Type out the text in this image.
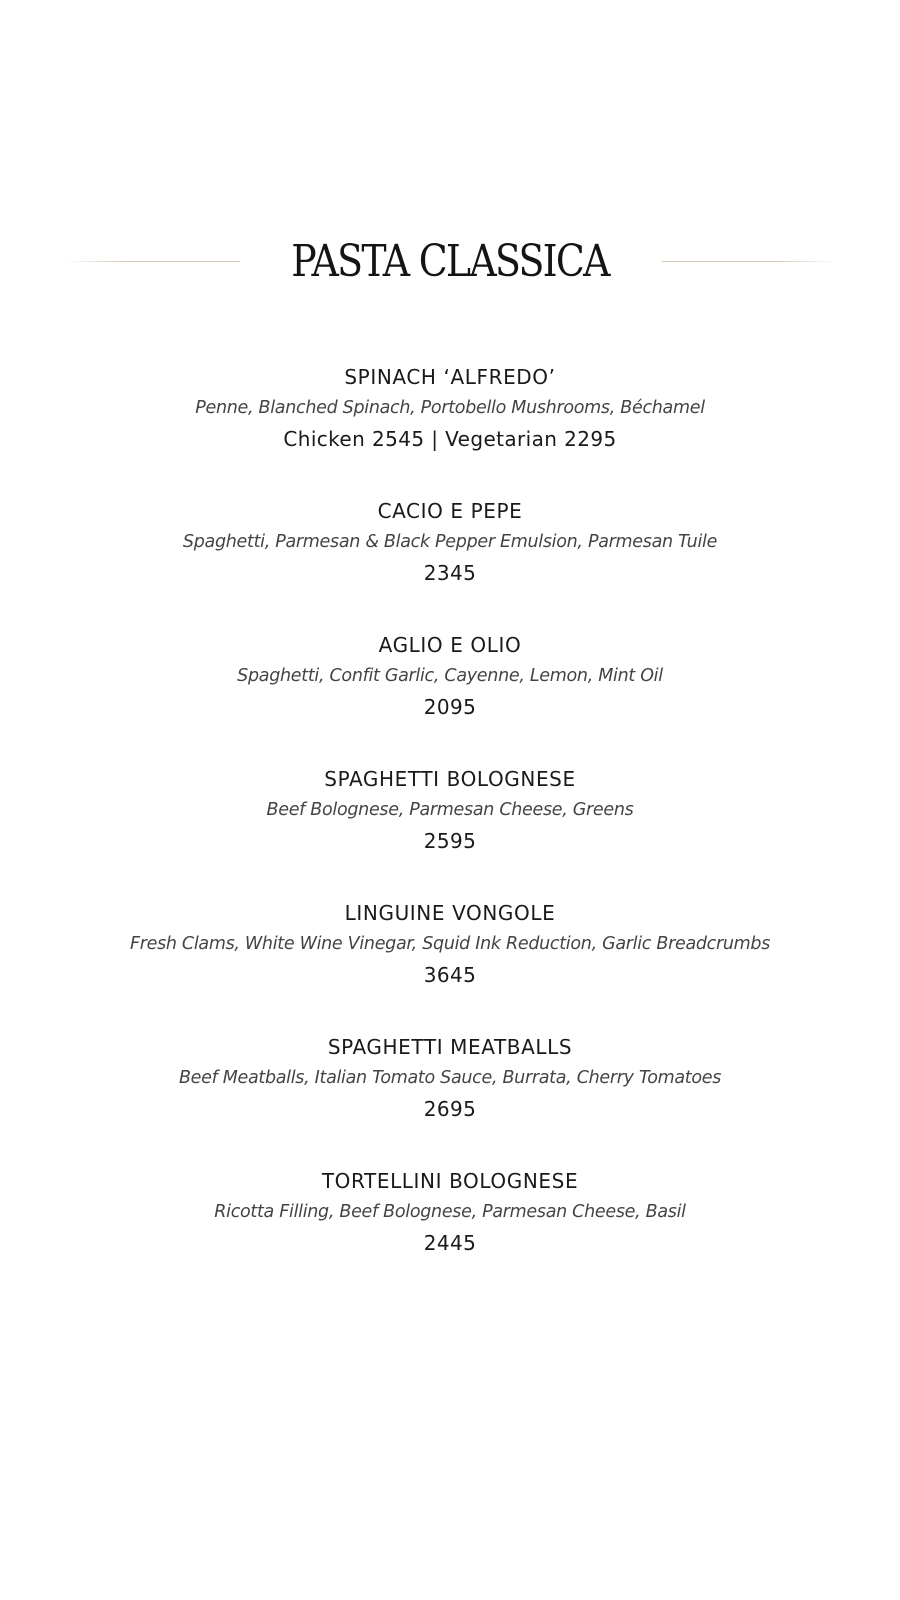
PASTA CLASSICA
SPINACH ‘ALFREDO’
Penne, Blanched Spinach, Portobello Mushrooms, Béchamel
Chicken 2545 | Vegetarian 2295
CACIO E PEPE
Spaghetti, Parmesan & Black Pepper Emulsion, Parmesan Tuile
2345
AGLIO E OLIO
Spaghetti, Confit Garlic, Cayenne, Lemon, Mint Oil
2095
SPAGHETTI BOLOGNESE
Beef Bolognese, Parmesan Cheese, Greens
2595
LINGUINE VONGOLE
Fresh Clams, White Wine Vinegar, Squid Ink Reduction, Garlic Breadcrumbs
3645
SPAGHETTI MEATBALLS
Beef Meatballs, Italian Tomato Sauce, Burrata, Cherry Tomatoes
2695
TORTELLINI BOLOGNESE
Ricotta Filling, Beef Bolognese, Parmesan Cheese, Basil
2445
